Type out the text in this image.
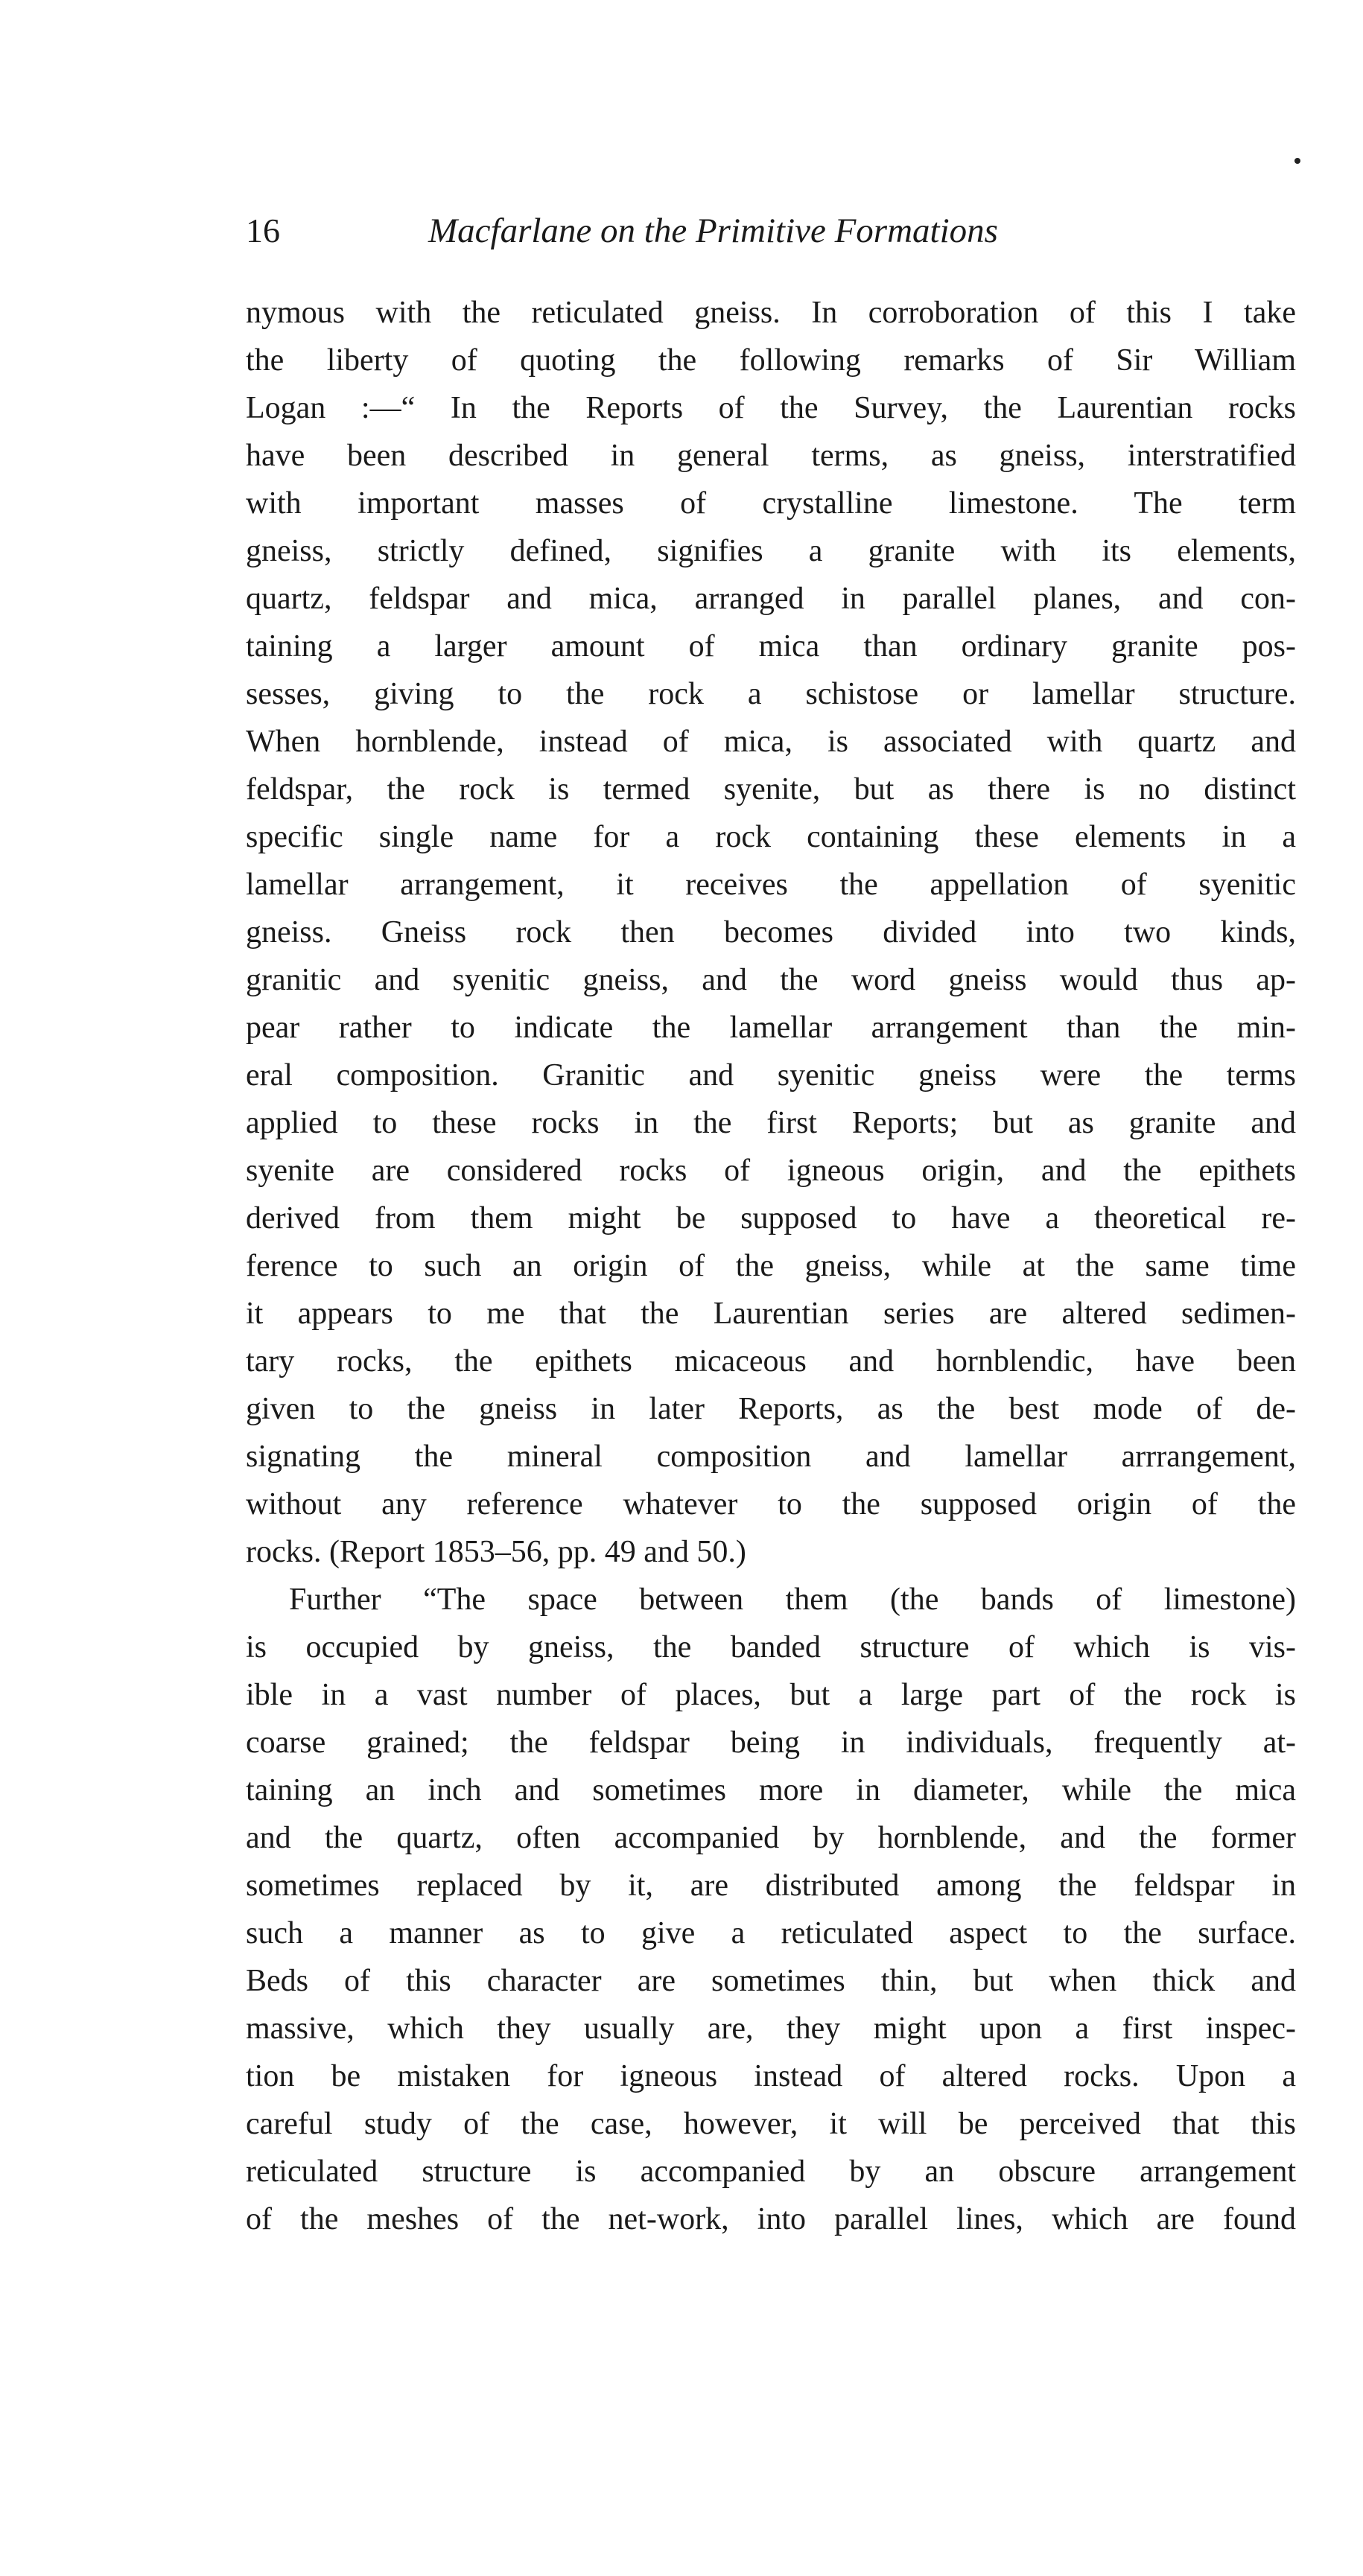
16	Macfarlane on the Primitive Formations
nymous with the reticulated gneiss. In corroboration of this I take
the liberty of quoting the following remarks of Sir William
Logan :—“ In the Reports of the Survey, the Laurentian rocks
have been described in general terms, as gneiss, interstratified
with important masses of crystalline limestone. The term
gneiss, strictly defined, signifies a granite with its elements,
quartz, feldspar and mica, arranged in parallel planes, and con-
taining a larger amount of mica than ordinary granite pos-
sesses, giving to the rock a schistose or lamellar structure.
When hornblende, instead of mica, is associated with quartz and
feldspar, the rock is termed syenite, but as there is no distinct
specific single name for a rock containing these elements in a
lamellar arrangement, it receives the appellation of syenitic
gneiss. Gneiss rock then becomes divided into two kinds,
granitic and syenitic gneiss, and the word gneiss would thus ap-
pear rather to indicate the lamellar arrangement than the min-
eral composition. Granitic and syenitic gneiss were the terms
applied to these rocks in the first Reports; but as granite and
syenite are considered rocks of igneous origin, and the epithets
derived from them might be supposed to have a theoretical re-
ference to such an origin of the gneiss, while at the same time
it appears to me that the Laurentian series are altered sedimen-
tary rocks, the epithets micaceous and hornblendic, have been
given to the gneiss in later Reports, as the best mode of de-
signating the mineral composition and lamellar arrrangement,
without any reference whatever to the supposed origin of the
rocks. (Report 1853–56, pp. 49 and 50.)
Further “The space between them (the bands of limestone)
is occupied by gneiss, the banded structure of which is vis-
ible in a vast number of places, but a large part of the rock is
coarse grained; the feldspar being in individuals, frequently at-
taining an inch and sometimes more in diameter, while the mica
and the quartz, often accompanied by hornblende, and the former
sometimes replaced by it, are distributed among the feldspar in
such a manner as to give a reticulated aspect to the surface.
Beds of this character are sometimes thin, but when thick and
massive, which they usually are, they might upon a first inspec-
tion be mistaken for igneous instead of altered rocks. Upon a
careful study of the case, however, it will be perceived that this
reticulated structure is accompanied by an obscure arrangement
of the meshes of the net-work, into parallel lines, which are found
